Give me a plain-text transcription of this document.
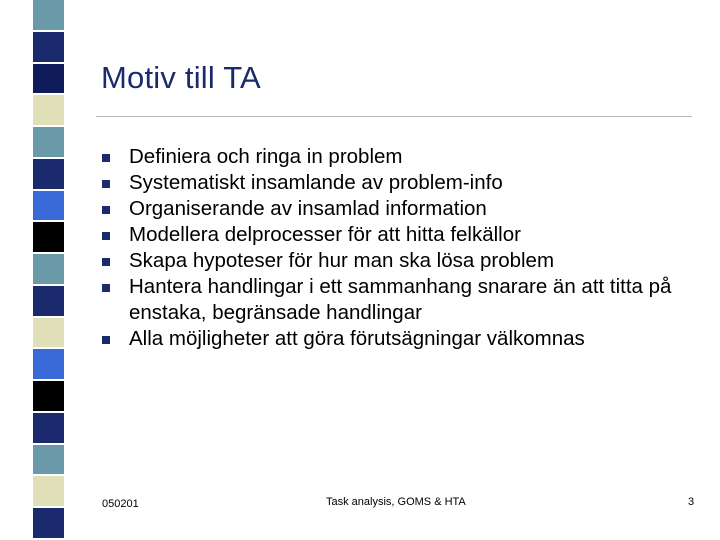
Motiv till TA
Definiera och ringa in problem
Systematiskt insamlande av problem-info
Organiserande av insamlad information
Modellera delprocesser för att hitta felkällor
Skapa hypoteser för hur man ska lösa problem
Hantera handlingar i ett sammanhang snarare än att titta på enstaka, begränsade handlingar
Alla möjligheter att göra förutsägningar välkomnas
050201	Task analysis, GOMS & HTA	3
